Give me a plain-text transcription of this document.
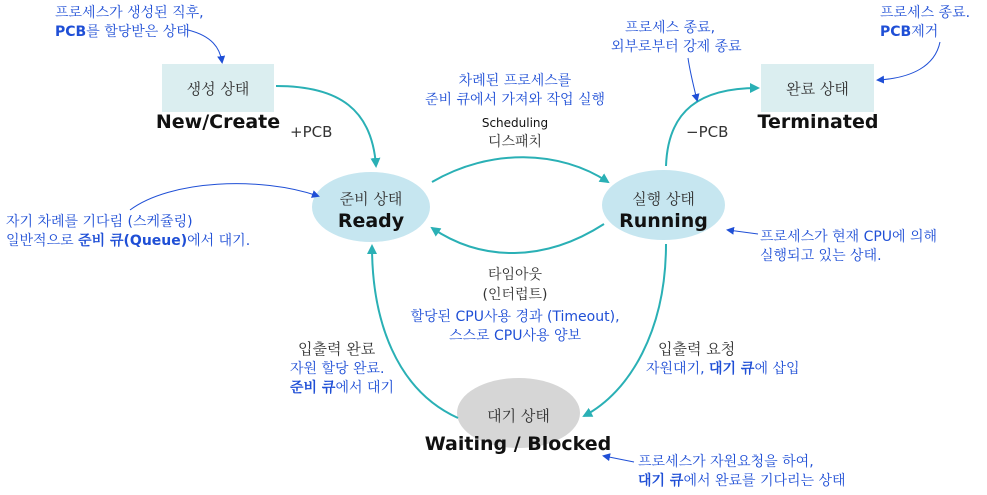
생성 상태
New/Create
완료 상태
Terminated
준비 상태
Ready
실행 상태
Running
대기 상태
Waiting / Blocked
+PCB	−PCB
차례된 프로세스를
준비 큐에서 가져와 작업 실행
Scheduling
디스패치
타임아웃
(인터럽트)
할당된 CPU사용 경과 (Timeout),
스스로 CPU사용 양보
입출력 요청
자원대기, 대기 큐에 삽입
입출력 완료
자원 할당 완료.
준비 큐에서 대기
프로세스가 생성된 직후,
PCB를 할당받은 상태	프로세스 종료,
외부로부터 강제 종료
프로세스 종료.
PCB제거
자기 차례를 기다림 (스케쥴링)
일반적으로 준비 큐(Queue)에서 대기.	프로세스가 현재 CPU에 의해
실행되고 있는 상태.
프로세스가 자원요청을 하여,
대기 큐에서 완료를 기다리는 상태
